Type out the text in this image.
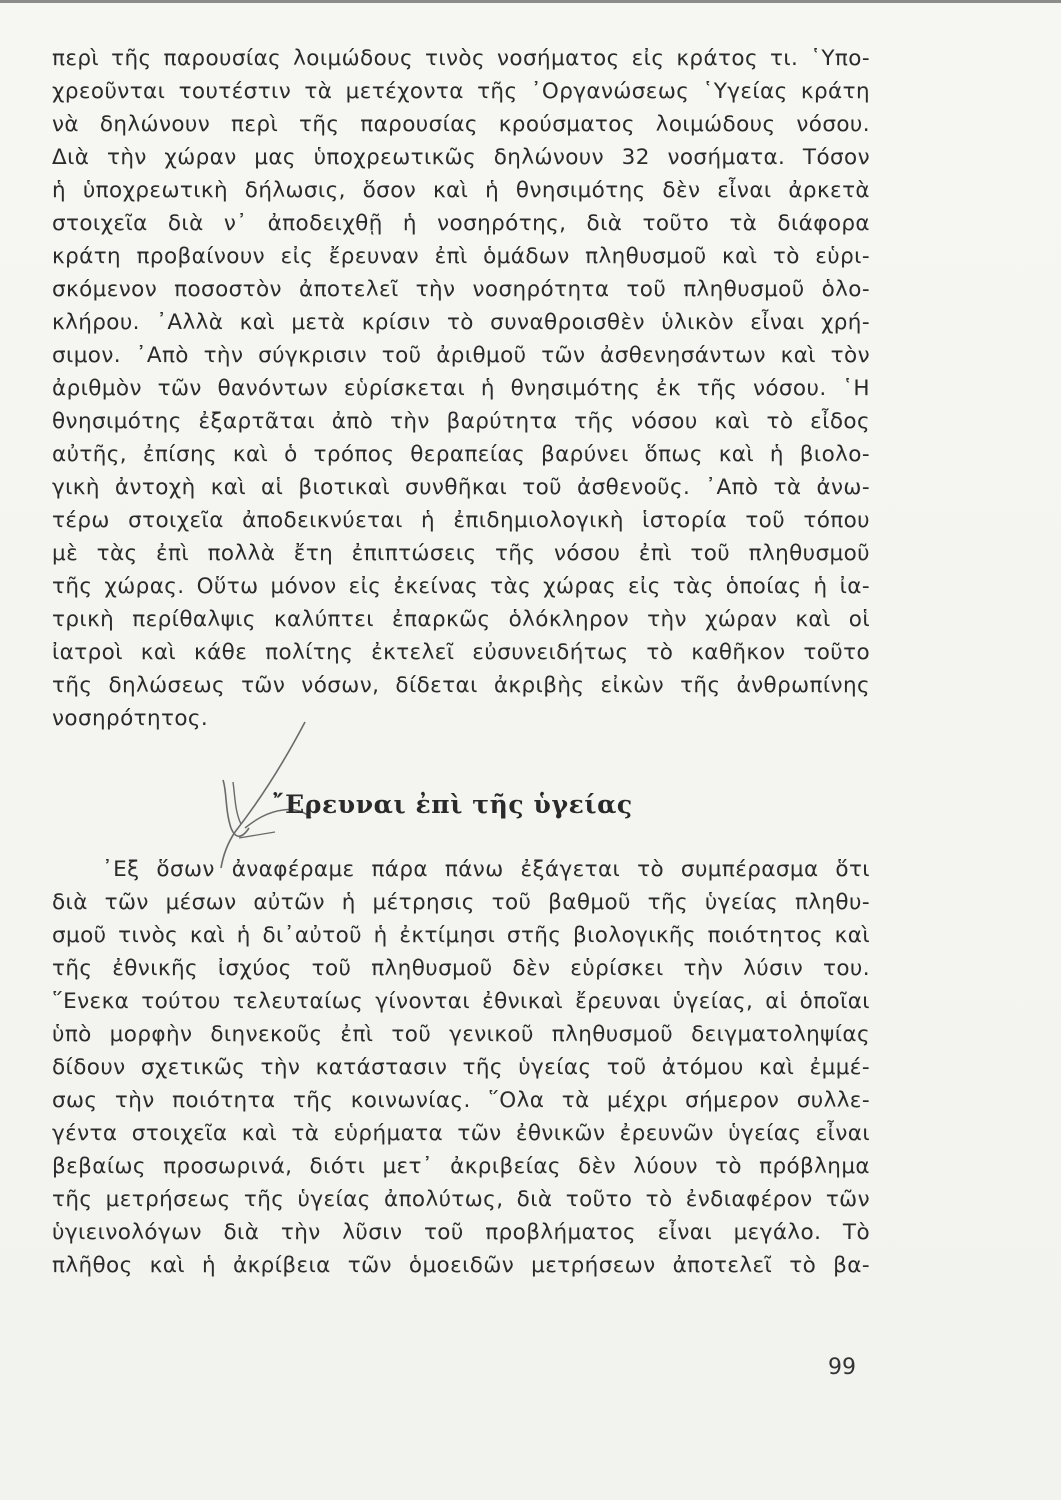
περὶ τῆς παρουσίας λοιμώδους τινὸς νοσήματος εἰς κράτος τι. ῾Υπο-
χρεοῦνται τουτέστιν τὰ μετέχοντα τῆς ᾿Οργανώσεως ῾Υγείας κράτη
νὰ δηλώνουν περὶ τῆς παρουσίας κρούσματος λοιμώδους νόσου.
Διὰ τὴν χώραν μας ὑποχρεωτικῶς δηλώνουν 32 νοσήματα. Τόσον
ἡ ὑποχρεωτικὴ δήλωσις, ὅσον καὶ ἡ θνησιμότης δὲν εἶναι ἀρκετὰ
στοιχεῖα διὰ ν᾿ ἀποδειχθῇ ἡ νοσηρότης, διὰ τοῦτο τὰ διάφορα
κράτη προβαίνουν εἰς ἔρευναν ἐπὶ ὁμάδων πληθυσμοῦ καὶ τὸ εὑρι-
σκόμενον ποσοστὸν ἀποτελεῖ τὴν νοσηρότητα τοῦ πληθυσμοῦ ὁλο-
κλήρου. ᾿Αλλὰ καὶ μετὰ κρίσιν τὸ συναθροισθὲν ὑλικὸν εἶναι χρή-
σιμον. ᾿Απὸ τὴν σύγκρισιν τοῦ ἀριθμοῦ τῶν ἀσθενησάντων καὶ τὸν
ἀριθμὸν τῶν θανόντων εὑρίσκεται ἡ θνησιμότης ἐκ τῆς νόσου. ῾Η
θνησιμότης ἐξαρτᾶται ἀπὸ τὴν βαρύτητα τῆς νόσου καὶ τὸ εἶδος
αὐτῆς, ἐπίσης καὶ ὁ τρόπος θεραπείας βαρύνει ὅπως καὶ ἡ βιολο-
γικὴ ἀντοχὴ καὶ αἱ βιοτικαὶ συνθῆκαι τοῦ ἀσθενοῦς. ᾿Απὸ τὰ ἀνω-
τέρω στοιχεῖα ἀποδεικνύεται ἡ ἐπιδημιολογικὴ ἱστορία τοῦ τόπου
μὲ τὰς ἐπὶ πολλὰ ἔτη ἐπιπτώσεις τῆς νόσου ἐπὶ τοῦ πληθυσμοῦ
τῆς χώρας. Οὕτω μόνον εἰς ἐκείνας τὰς χώρας εἰς τὰς ὁποίας ἡ ἰα-
τρικὴ περίθαλψις καλύπτει ἐπαρκῶς ὁλόκληρον τὴν χώραν καὶ οἱ
ἰατροὶ καὶ κάθε πολίτης ἐκτελεῖ εὐσυνειδήτως τὸ καθῆκον τοῦτο
τῆς δηλώσεως τῶν νόσων, δίδεται ἀκριβὴς εἰκὼν τῆς ἀνθρωπίνης
νοσηρότητος.
῎Ερευναι ἐπὶ τῆς ὑγείας
᾿Εξ ὅσων ἀναφέραμε πάρα πάνω ἐξάγεται τὸ συμπέρασμα ὅτι
διὰ τῶν μέσων αὐτῶν ἡ μέτρησις τοῦ βαθμοῦ τῆς ὑγείας πληθυ-
σμοῦ τινὸς καὶ ἡ δι᾿αὐτοῦ ἡ ἐκτίμησι στῆς βιολογικῆς ποιότητος καὶ
τῆς ἐθνικῆς ἰσχύος τοῦ πληθυσμοῦ δὲν εὑρίσκει τὴν λύσιν του.
῞Ενεκα τούτου τελευταίως γίνονται ἐθνικαὶ ἔρευναι ὑγείας, αἱ ὁποῖαι
ὑπὸ μορφὴν διηνεκοῦς ἐπὶ τοῦ γενικοῦ πληθυσμοῦ δειγματοληψίας
δίδουν σχετικῶς τὴν κατάστασιν τῆς ὑγείας τοῦ ἀτόμου καὶ ἐμμέ-
σως τὴν ποιότητα τῆς κοινωνίας. ῞Ολα τὰ μέχρι σήμερον συλλε-
γέντα στοιχεῖα καὶ τὰ εὑρήματα τῶν ἐθνικῶν ἐρευνῶν ὑγείας εἶναι
βεβαίως προσωρινά, διότι μετ᾿ ἀκριβείας δὲν λύουν τὸ πρόβλημα
τῆς μετρήσεως τῆς ὑγείας ἀπολύτως, διὰ τοῦτο τὸ ἐνδιαφέρον τῶν
ὑγιεινολόγων διὰ τὴν λῦσιν τοῦ προβλήματος εἶναι μεγάλο. Τὸ
πλῆθος καὶ ἡ ἀκρίβεια τῶν ὁμοειδῶν μετρήσεων ἀποτελεῖ τὸ βα-
99
